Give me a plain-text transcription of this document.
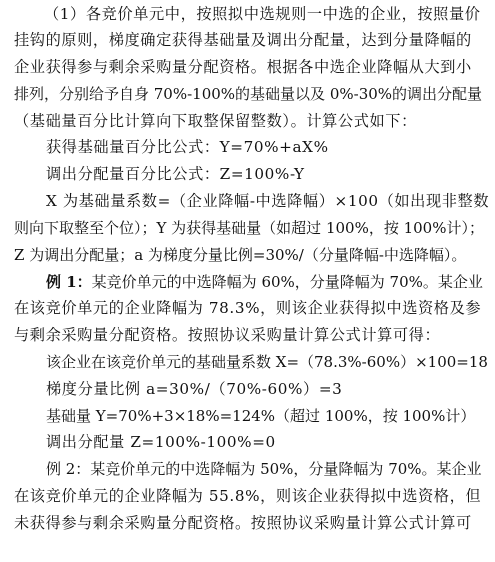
（1）各竞价单元中，按照拟中选规则一中选的企业，按照量价
挂钩的原则，梯度确定获得基础量及调出分配量，达到分量降幅的
企业获得参与剩余采购量分配资格。根据各中选企业降幅从大到小
排列，分别给予自身 70%-100%的基础量以及 0%-30%的调出分配量
（基础量百分比计算向下取整保留整数）。计算公式如下：
获得基础量百分比公式：Y=70%+aX%
调出分配量百分比公式：Z=100%-Y
X 为基础量系数=（企业降幅-中选降幅）×100（如出现非整数
则向下取整至个位）；Y 为获得基础量（如超过 100%，按 100%计）；
Z 为调出分配量；a 为梯度分量比例=30%/（分量降幅-中选降幅）。
例 1：某竞价单元的中选降幅为 60%，分量降幅为 70%。某企业
在该竞价单元的企业降幅为 78.3%，则该企业获得拟中选资格及参
与剩余采购量分配资格。按照协议采购量计算公式计算可得：
该企业在该竞价单元的基础量系数 X=（78.3%-60%）×100=18
梯度分量比例 a=30%/（70%-60%）=3
基础量 Y=70%+3×18%=124%（超过 100%，按 100%计）
调出分配量 Z=100%-100%=0
例 2：某竞价单元的中选降幅为 50%，分量降幅为 70%。某企业
在该竞价单元的企业降幅为 55.8%，则该企业获得拟中选资格，但
未获得参与剩余采购量分配资格。按照协议采购量计算公式计算可
